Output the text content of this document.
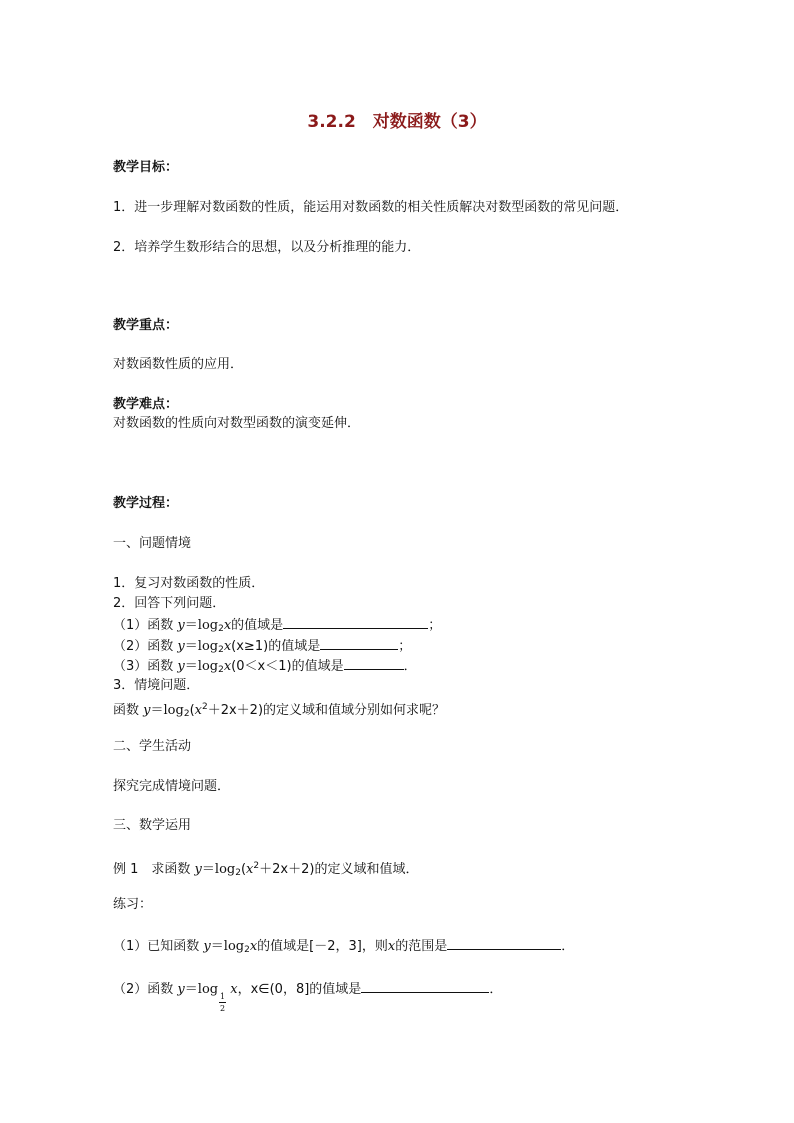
3.2.2　对数函数（3）
教学目标：
1．进一步理解对数函数的性质，能运用对数函数的相关性质解决对数型函数的常见问题．
2．培养学生数形结合的思想，以及分析推理的能力．
教学重点：
对数函数性质的应用．
教学难点：
对数函数的性质向对数型函数的演变延伸．
教学过程：
一、问题情境
1．复习对数函数的性质．
2．回答下列问题．
（1）函数 $y=\log_2x$的值域是	；
（2）函数 $y=\log_2x(x\ge 1)$的值域是	；
（3）函数 $y=\log_2x(0<x<1)$的值域是	．
3．情境问题．
函数 $y=\log_2(x^2+2x+2)$的定义域和值域分别如何求呢？
二、学生活动
探究完成情境问题．
三、数学运用
例 1　求函数 $y=\log_2(x^2+2x+2)$的定义域和值域．
练习：
（1）已知函数 $y=\log_2x$的值域是[－2，3]，则x的范围是	．
（2）函数 $y=\log\frac{1}{2}$ x，x∈(0，8]的值域是	．
